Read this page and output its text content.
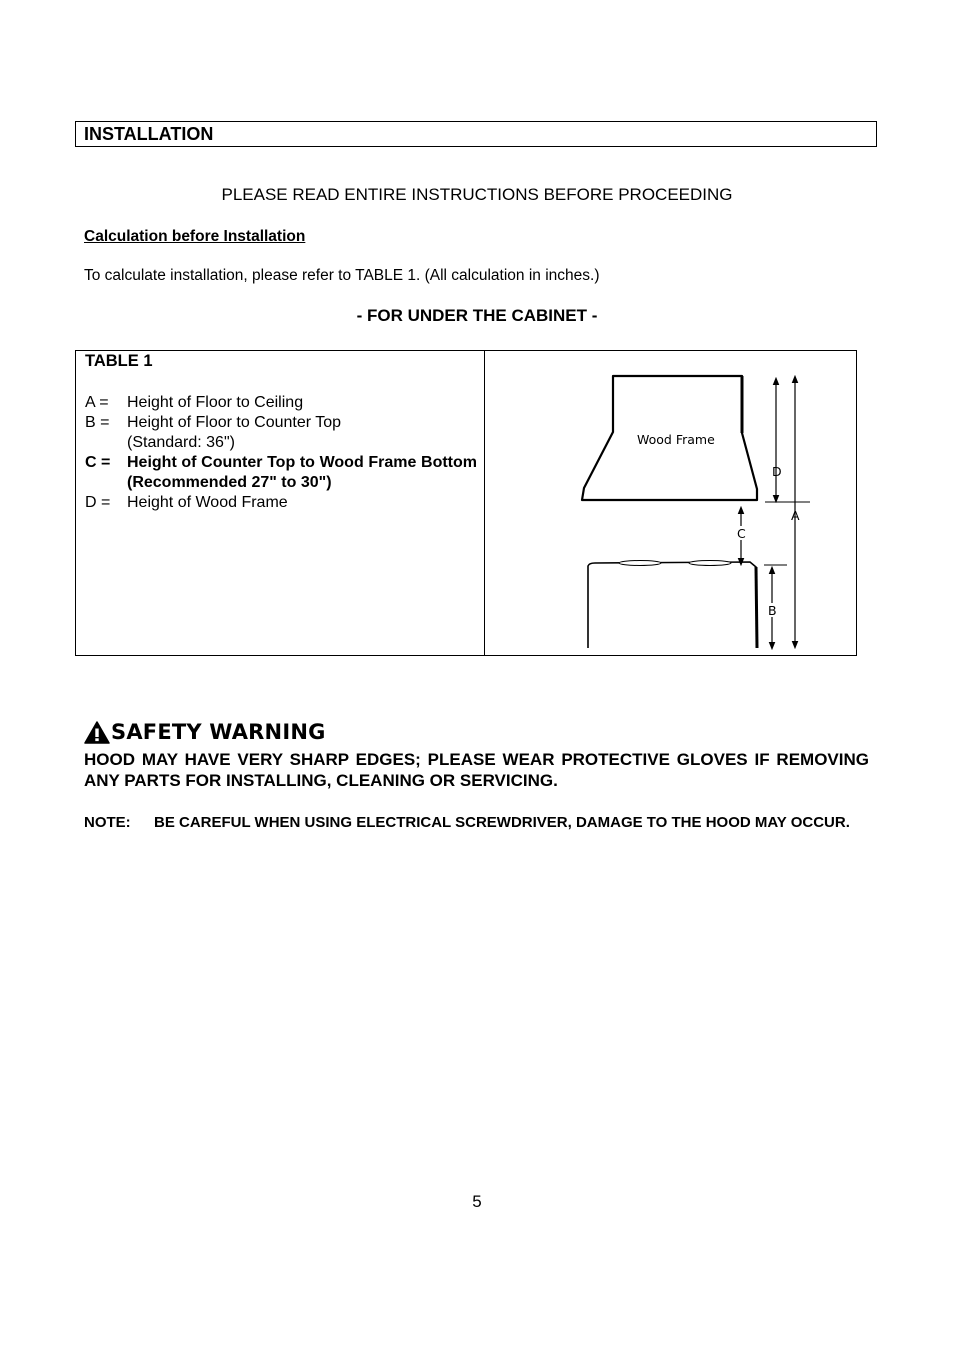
INSTALLATION
PLEASE READ ENTIRE INSTRUCTIONS BEFORE PROCEEDING
Calculation before Installation
To calculate installation, please refer to TABLE 1. (All calculation in inches.)
- FOR UNDER THE CABINET -
TABLE 1
A =	Height of Floor to Ceiling
B =	Height of Floor to Counter Top
(Standard: 36")
C =	Height of Counter Top to Wood Frame Bottom (Recommended 27" to 30")
D =	Height of Wood Frame
Wood Frame
D
A
C
B
SAFETY WARNING
HOOD MAY HAVE VERY SHARP EDGES; PLEASE WEAR PROTECTIVE GLOVES IF REMOVING ANY PARTS FOR INSTALLING, CLEANING OR SERVICING.
NOTE:	BE CAREFUL WHEN USING ELECTRICAL SCREWDRIVER, DAMAGE TO THE HOOD MAY OCCUR.
5
